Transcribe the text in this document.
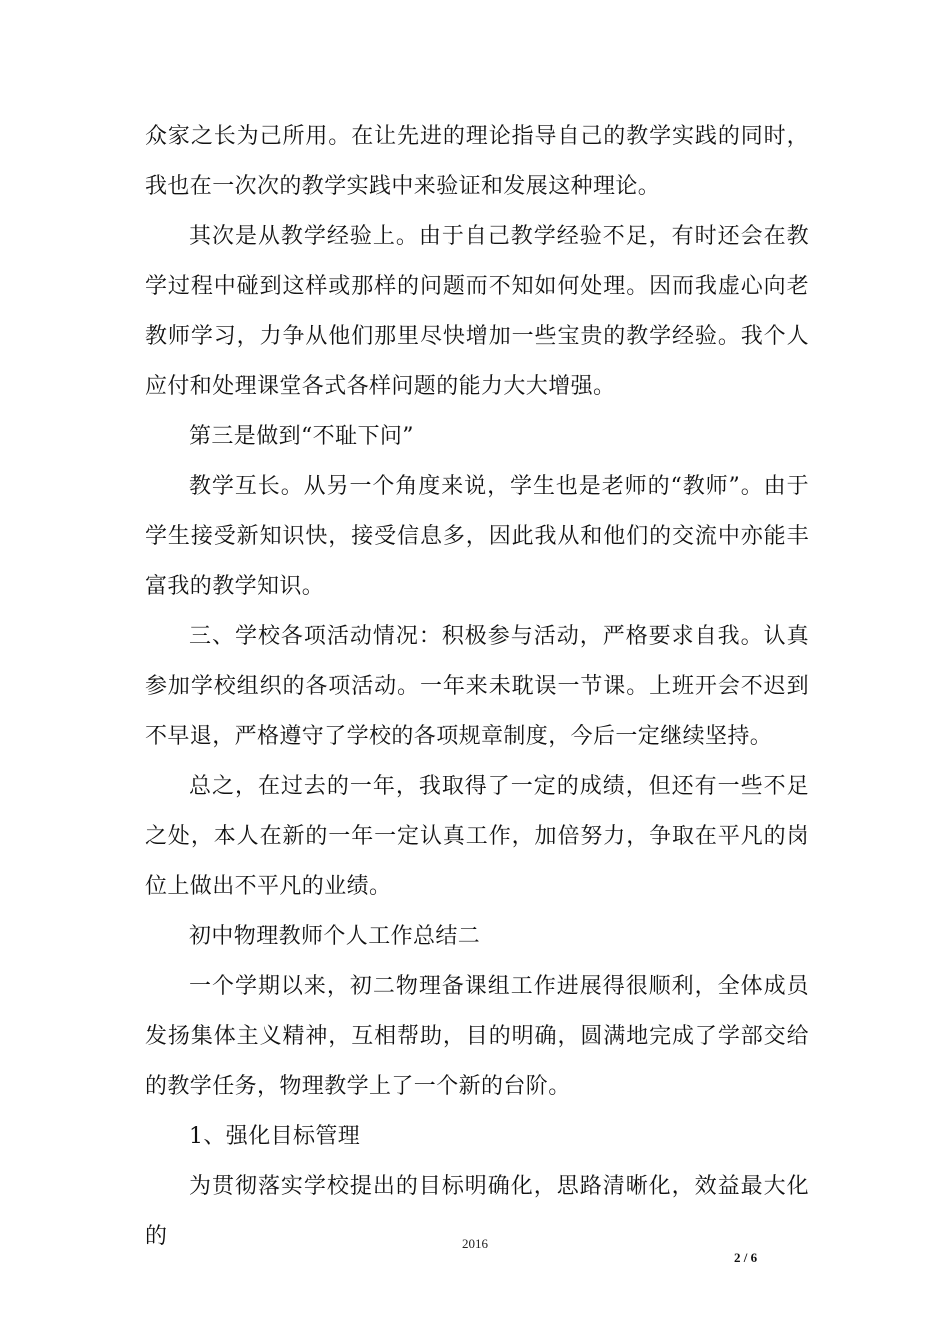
众家之长为己所用。在让先进的理论指导自己的教学实践的同时，我也在一次次的教学实践中来验证和发展这种理论。

其次是从教学经验上。由于自己教学经验不足，有时还会在教学过程中碰到这样或那样的问题而不知如何处理。因而我虚心向老教师学习，力争从他们那里尽快增加一些宝贵的教学经验。我个人应付和处理课堂各式各样问题的能力大大增强。

第三是做到“不耻下问”

教学互长。从另一个角度来说，学生也是老师的“教师”。由于学生接受新知识快，接受信息多，因此我从和他们的交流中亦能丰富我的教学知识。

三、学校各项活动情况：积极参与活动，严格要求自我。认真参加学校组织的各项活动。一年来未耽误一节课。上班开会不迟到不早退，严格遵守了学校的各项规章制度，今后一定继续坚持。

总之，在过去的一年，我取得了一定的成绩，但还有一些不足之处，本人在新的一年一定认真工作，加倍努力，争取在平凡的岗位上做出不平凡的业绩。

初中物理教师个人工作总结二

一个学期以来，初二物理备课组工作进展得很顺利，全体成员发扬集体主义精神，互相帮助，目的明确，圆满地完成了学部交给的教学任务，物理教学上了一个新的台阶。

1、强化目标管理

为贯彻落实学校提出的目标明确化，思路清晰化，效益最大化的	2016
2 / 6
